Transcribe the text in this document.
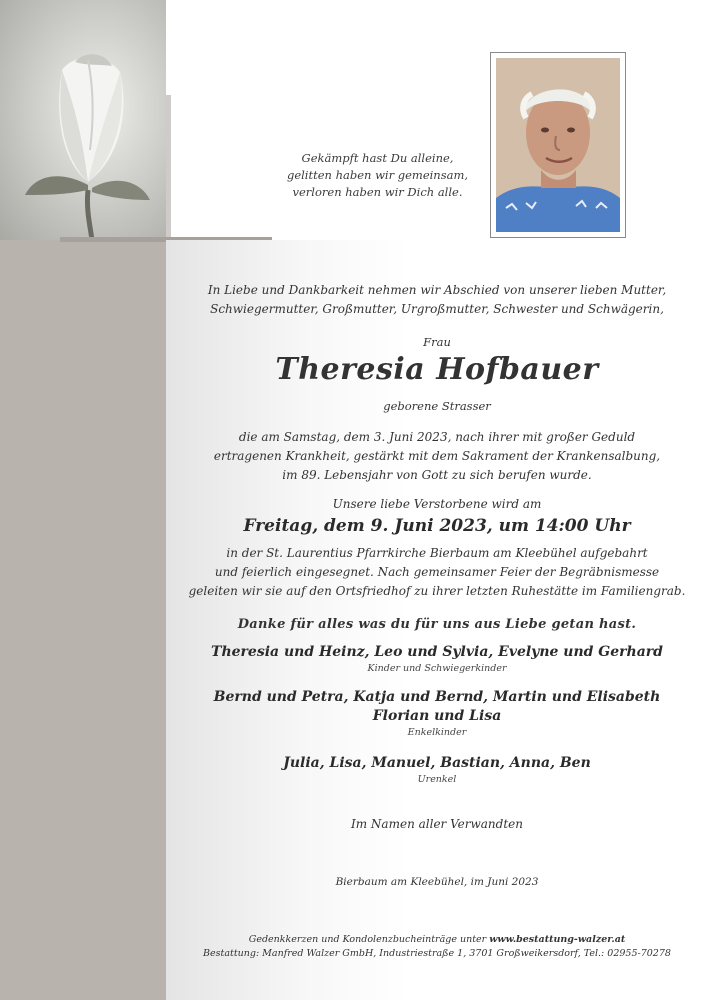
Gekämpft hast Du alleine,
gelitten haben wir gemeinsam,
verloren haben wir Dich alle.
In Liebe und Dankbarkeit nehmen wir Abschied von unserer lieben Mutter,
Schwiegermutter, Großmutter, Urgroßmutter, Schwester und Schwägerin,
Frau
Theresia Hofbauer
geborene Strasser
die am Samstag, dem 3. Juni 2023, nach ihrer mit großer Geduld
ertragenen Krankheit, gestärkt mit dem Sakrament der Krankensalbung,
im 89. Lebensjahr von Gott zu sich berufen wurde.
Unsere liebe Verstorbene wird am
Freitag, dem 9. Juni 2023, um 14:00 Uhr
in der St. Laurentius Pfarrkirche Bierbaum am Kleebühel aufgebahrt
und feierlich eingesegnet. Nach gemeinsamer Feier der Begräbnismesse
geleiten wir sie auf den Ortsfriedhof zu ihrer letzten Ruhestätte im Familiengrab.
Danke für alles was du für uns aus Liebe getan hast.
Theresia und Heinz, Leo und Sylvia, Evelyne und Gerhard
Kinder und Schwiegerkinder
Bernd und Petra, Katja und Bernd, Martin und Elisabeth
Florian und Lisa
Enkelkinder
Julia, Lisa, Manuel, Bastian, Anna, Ben
Urenkel
Im Namen aller Verwandten
Bierbaum am Kleebühel, im Juni 2023
Gedenkkerzen und Kondolenzbucheinträge unter www.bestattung-walzer.at
Bestattung: Manfred Walzer GmbH, Industriestraße 1, 3701 Großweikersdorf, Tel.: 02955-70278
